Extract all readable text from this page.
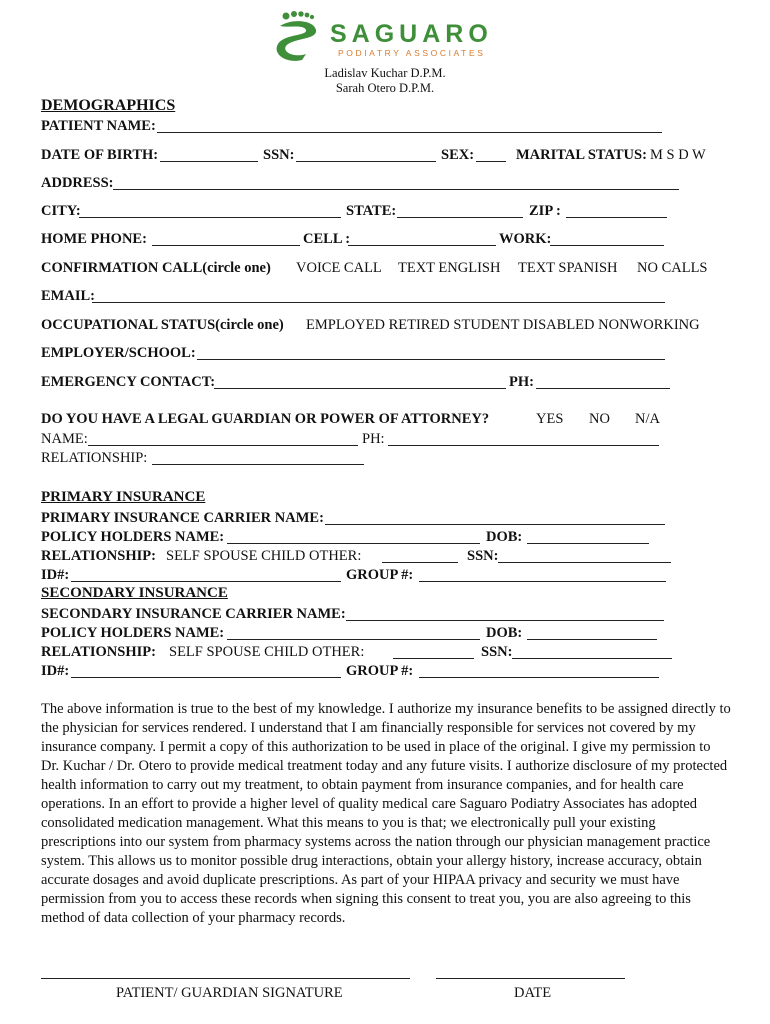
SAGUARO
PODIATRY ASSOCIATES
Ladislav Kuchar D.P.M.
Sarah Otero D.P.M.
DEMOGRAPHICS
PATIENT NAME:
DATE OF BIRTH:	SSN:	SEX:	MARITAL STATUS: M S D W
ADDRESS:
CITY:	STATE:	ZIP :
HOME PHONE:	CELL :	WORK:
CONFIRMATION CALL(circle one) VOICE CALL TEXT ENGLISH TEXT SPANISH NO CALLS
EMAIL:
OCCUPATIONAL STATUS(circle one) EMPLOYED RETIRED STUDENT DISABLED NONWORKING
EMPLOYER/SCHOOL:
EMERGENCY CONTACT:	PH:
DO YOU HAVE A LEGAL GUARDIAN OR POWER OF ATTORNEY?	YES NO N/A
NAME:	PH:
RELATIONSHIP:
PRIMARY INSURANCE
PRIMARY INSURANCE CARRIER NAME:
POLICY HOLDERS NAME:	DOB:
RELATIONSHIP: SELF SPOUSE CHILD OTHER:	SSN:
ID#:	GROUP #:
SECONDARY INSURANCE
SECONDARY INSURANCE CARRIER NAME:
POLICY HOLDERS NAME:	DOB:
RELATIONSHIP: SELF SPOUSE CHILD OTHER:	SSN:
ID#:	GROUP #:
The above information is true to the best of my knowledge. I authorize my insurance benefits to be assigned directly to the physician for services rendered. I understand that I am financially responsible for services not covered by my insurance company. I permit a copy of this authorization to be used in place of the original. I give my permission to Dr. Kuchar / Dr. Otero to provide medical treatment today and any future visits. I authorize disclosure of my protected health information to carry out my treatment, to obtain payment from insurance companies, and for health care operations. In an effort to provide a higher level of quality medical care Saguaro Podiatry Associates has adopted consolidated medication management. What this means to you is that; we electronically pull your existing prescriptions into our system from pharmacy systems across the nation through our physician management practice system. This allows us to monitor possible drug interactions, obtain your allergy history, increase accuracy, obtain accurate dosages and avoid duplicate prescriptions. As part of your HIPAA privacy and security we must have permission from you to access these records when signing this consent to treat you, you are also agreeing to this method of data collection of your pharmacy records.
PATIENT/ GUARDIAN SIGNATURE	DATE
